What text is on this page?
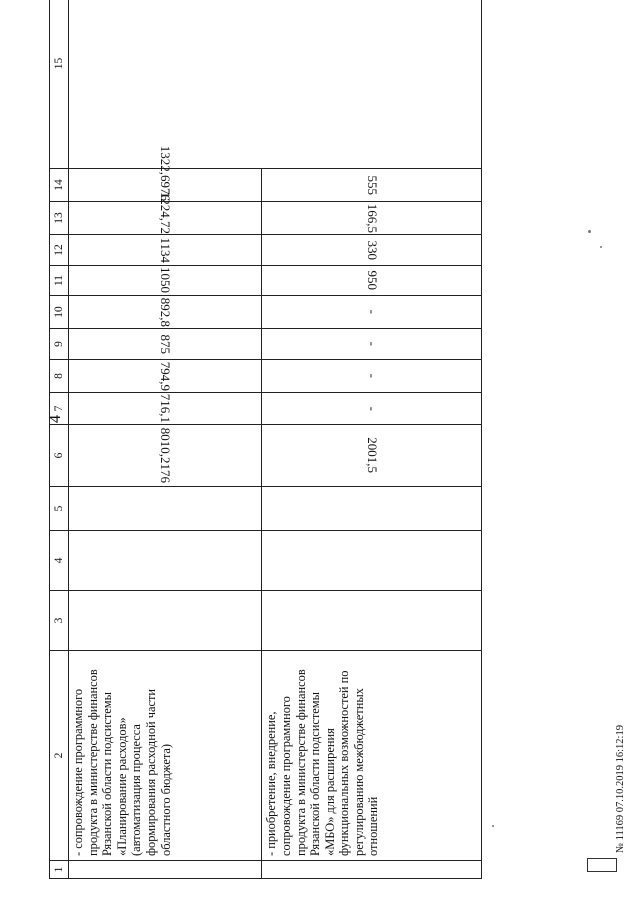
4
1	2	3	4	5	6	7	8	9	10	11	12	13	14	15
	- сопровождение программного продукта в министерстве финансов Рязанской области подсистемы «Планирование расходов» (автоматизация процесса формирования расходной части областного бюджета)				8010,2176	716,1	794,9	875	892,8	1050	1134	1224,72	1322,6976	
	- приобретение, внедрение, сопровождение программного продукта в министерстве финансов Рязанской области подсистемы «МБО» для расширения функциональных возможностей по регулированию межбюджетных отношений				2001,5	-	-	-	-	950	330	166,5	555	
№ 11169 07.10.2019 16:12:19
